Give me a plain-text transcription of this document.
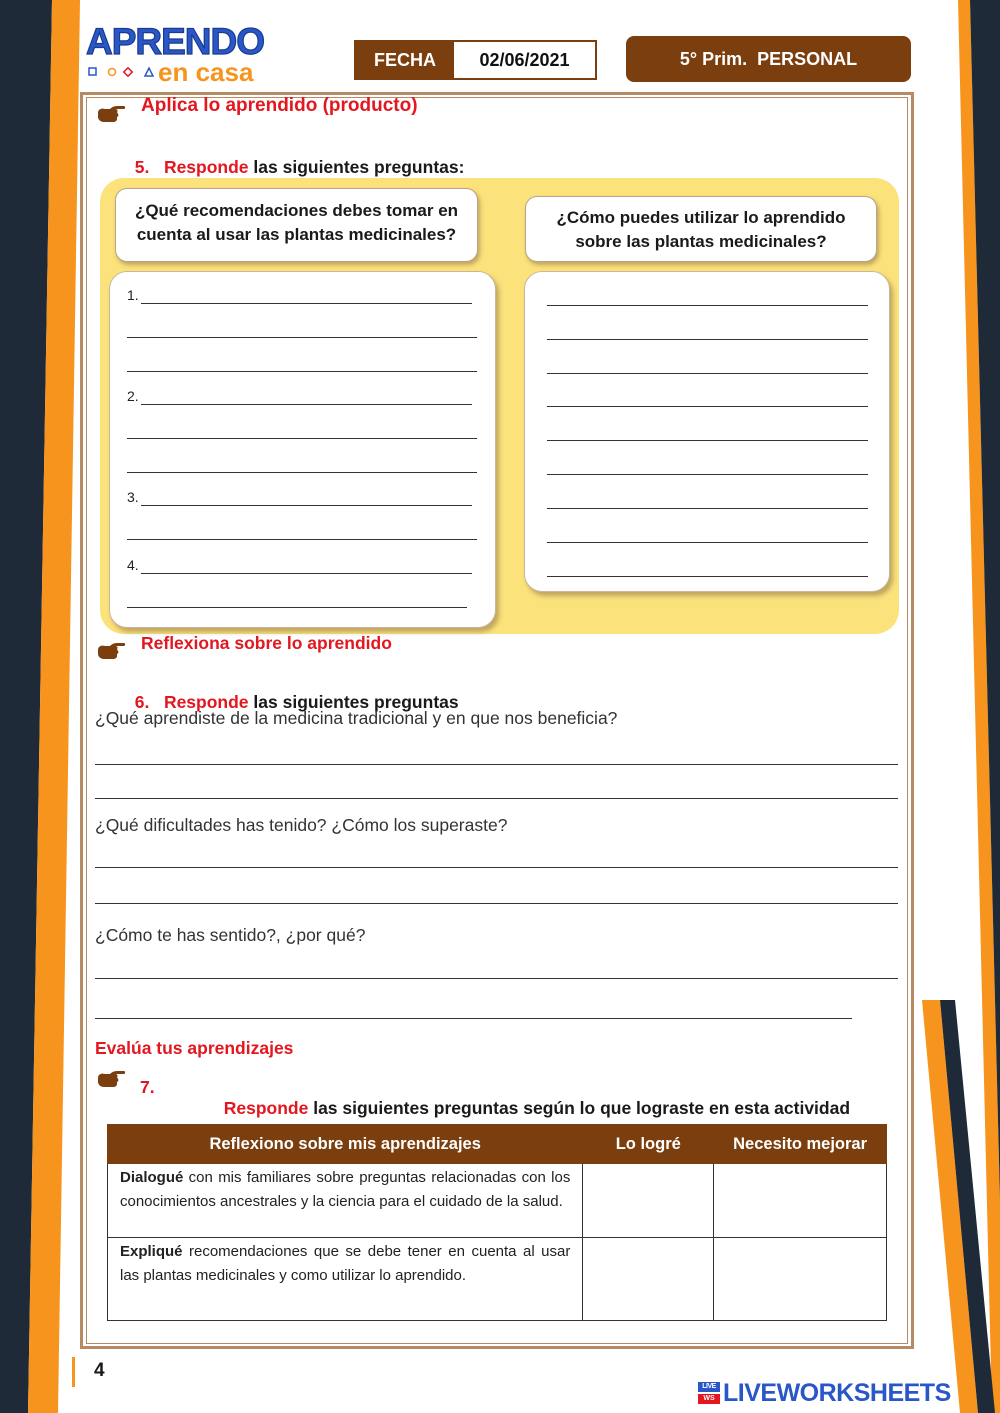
APRENDO
en casa	FECHA	02/06/2021	5° Prim.  PERSONAL
Aplica lo aprendido (producto)

5. Responde las siguientes preguntas:

¿Qué recomendaciones debes tomar en cuenta al usar las plantas medicinales?
¿Cómo puedes utilizar lo aprendido sobre las plantas medicinales?
1.
2.
3.
4.
Reflexiona sobre lo aprendido

6. Responde las siguientes preguntas

¿Qué aprendiste de la medicina tradicional y en que nos beneficia?
¿Qué dificultades has tenido? ¿Cómo los superaste?
¿Cómo te has sentido?, ¿por qué?
Evalúa tus aprendizajes
7.

Responde las siguientes preguntas según lo que lograste en esta actividad

Reflexiono sobre mis aprendizajes	Lo logré	Necesito mejorar
Dialogué con mis familiares sobre preguntas relacionadas con los conocimientos ancestrales y la ciencia para el cuidado de la salud.		
Expliqué recomendaciones que se debe tener en cuenta al usar las plantas medicinales y como utilizar lo aprendido.		
4
LIVE
WS LIVEWORKSHEETS
